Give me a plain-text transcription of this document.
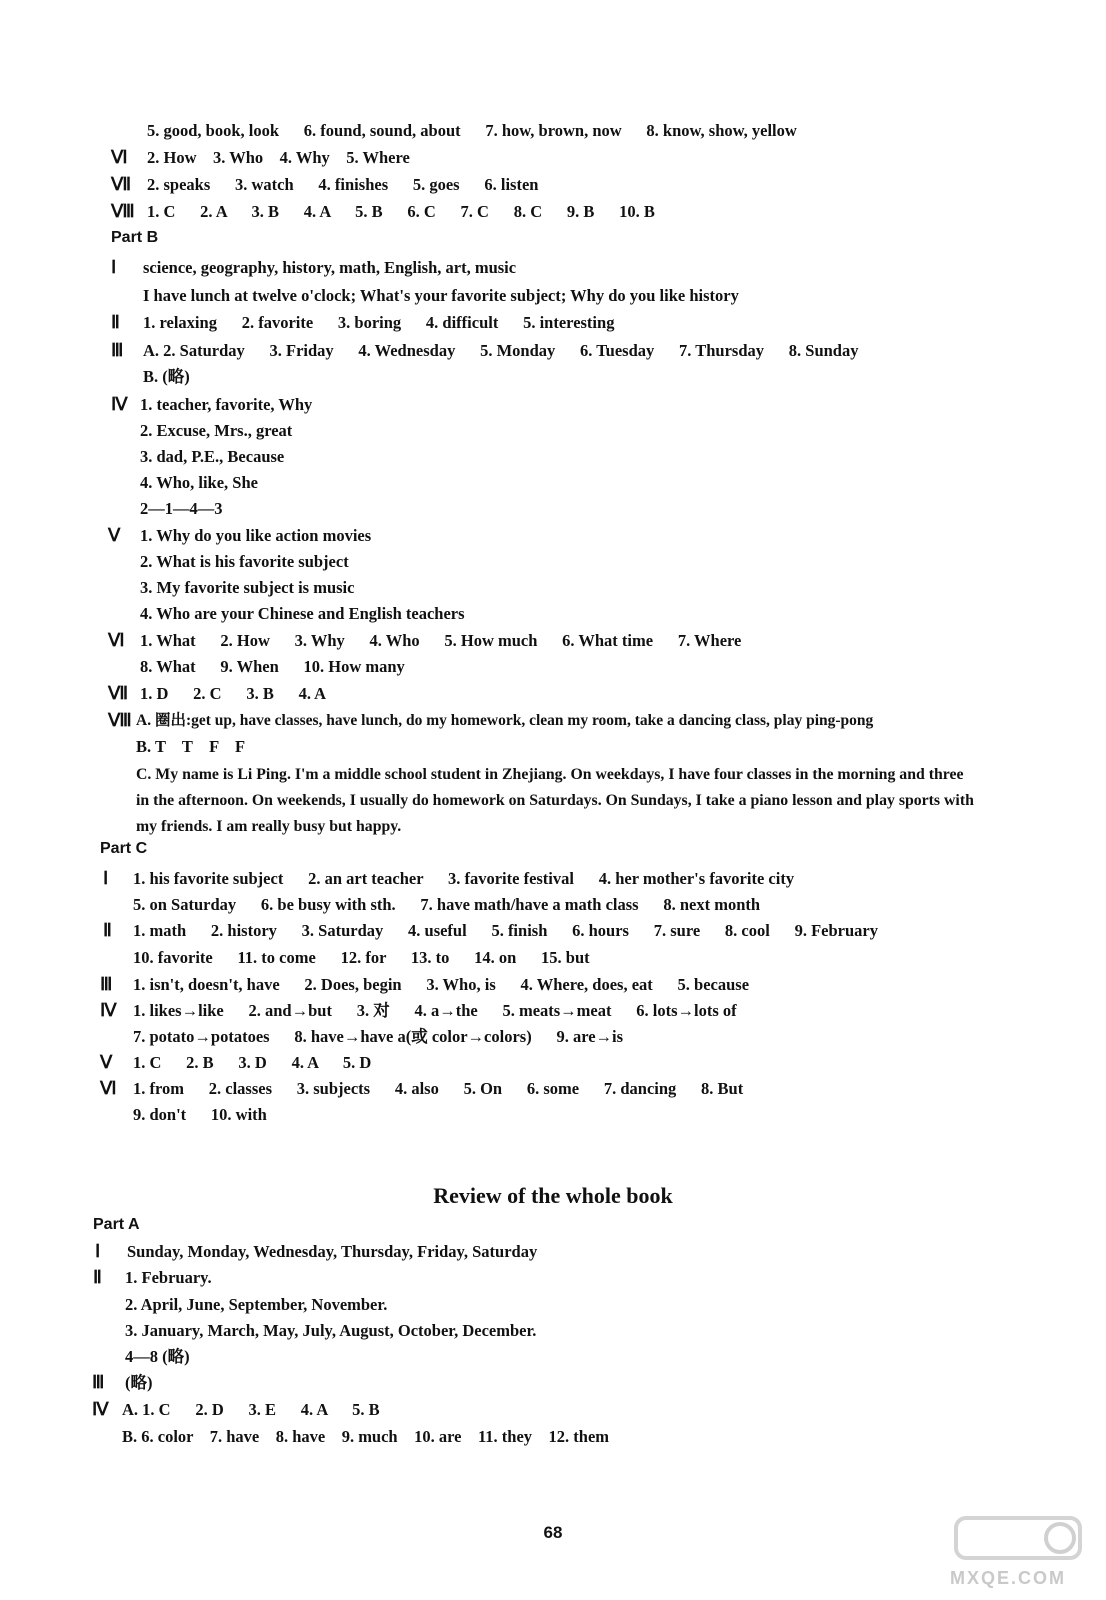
5. good, book, look      6. found, sound, about      7. how, brown, now      8. know, show, yellow
Ⅵ 2. How    3. Who    4. Why    5. Where
Ⅶ 2. speaks      3. watch      4. finishes      5. goes      6. listen
Ⅷ 1. C      2. A      3. B      4. A      5. B      6. C      7. C      8. C      9. B      10. B
Part B
Ⅰ science, geography, history, math, English, art, music
I have lunch at twelve o'clock; What's your favorite subject; Why do you like history
Ⅱ 1. relaxing      2. favorite      3. boring      4. difficult      5. interesting
Ⅲ A. 2. Saturday      3. Friday      4. Wednesday      5. Monday      6. Tuesday      7. Thursday      8. Sunday
B. (略)
Ⅳ 1. teacher, favorite, Why
2. Excuse, Mrs., great
3. dad, P.E., Because
4. Who, like, She
2—1—4—3
Ⅴ 1. Why do you like action movies
2. What is his favorite subject
3. My favorite subject is music
4. Who are your Chinese and English teachers
Ⅵ 1. What      2. How      3. Why      4. Who      5. How much      6. What time      7. Where
8. What      9. When      10. How many
Ⅶ 1. D      2. C      3. B      4. A
Ⅷ A. 圈出:get up, have classes, have lunch, do my homework, clean my room, take a dancing class, play ping-pong
B. T    T    F    F
C. My name is Li Ping. I'm a middle school student in Zhejiang. On weekdays, I have four classes in the morning and three
in the afternoon. On weekends, I usually do homework on Saturdays. On Sundays, I take a piano lesson and play sports with
my friends. I am really busy but happy.
Part C
Ⅰ 1. his favorite subject      2. an art teacher      3. favorite festival      4. her mother's favorite city
5. on Saturday      6. be busy with sth.      7. have math/have a math class      8. next month
Ⅱ 1. math      2. history      3. Saturday      4. useful      5. finish      6. hours      7. sure      8. cool      9. February
10. favorite      11. to come      12. for      13. to      14. on      15. but
Ⅲ 1. isn't, doesn't, have      2. Does, begin      3. Who, is      4. Where, does, eat      5. because
Ⅳ 1. likes→like      2. and→but      3. 对      4. a→the      5. meats→meat      6. lots→lots of
7. potato→potatoes      8. have→have a(或 color→colors)      9. are→is
Ⅴ 1. C      2. B      3. D      4. A      5. D
Ⅵ 1. from      2. classes      3. subjects      4. also      5. On      6. some      7. dancing      8. But
9. don't      10. with
Review of the whole book
Part A
Ⅰ Sunday, Monday, Wednesday, Thursday, Friday, Saturday
Ⅱ 1. February.
2. April, June, September, November.
3. January, March, May, July, August, October, December.
4—8 (略)
Ⅲ (略)
Ⅳ A. 1. C      2. D      3. E      4. A      5. B
B. 6. color    7. have    8. have    9. much    10. are    11. they    12. them
68
MXQE.COM
